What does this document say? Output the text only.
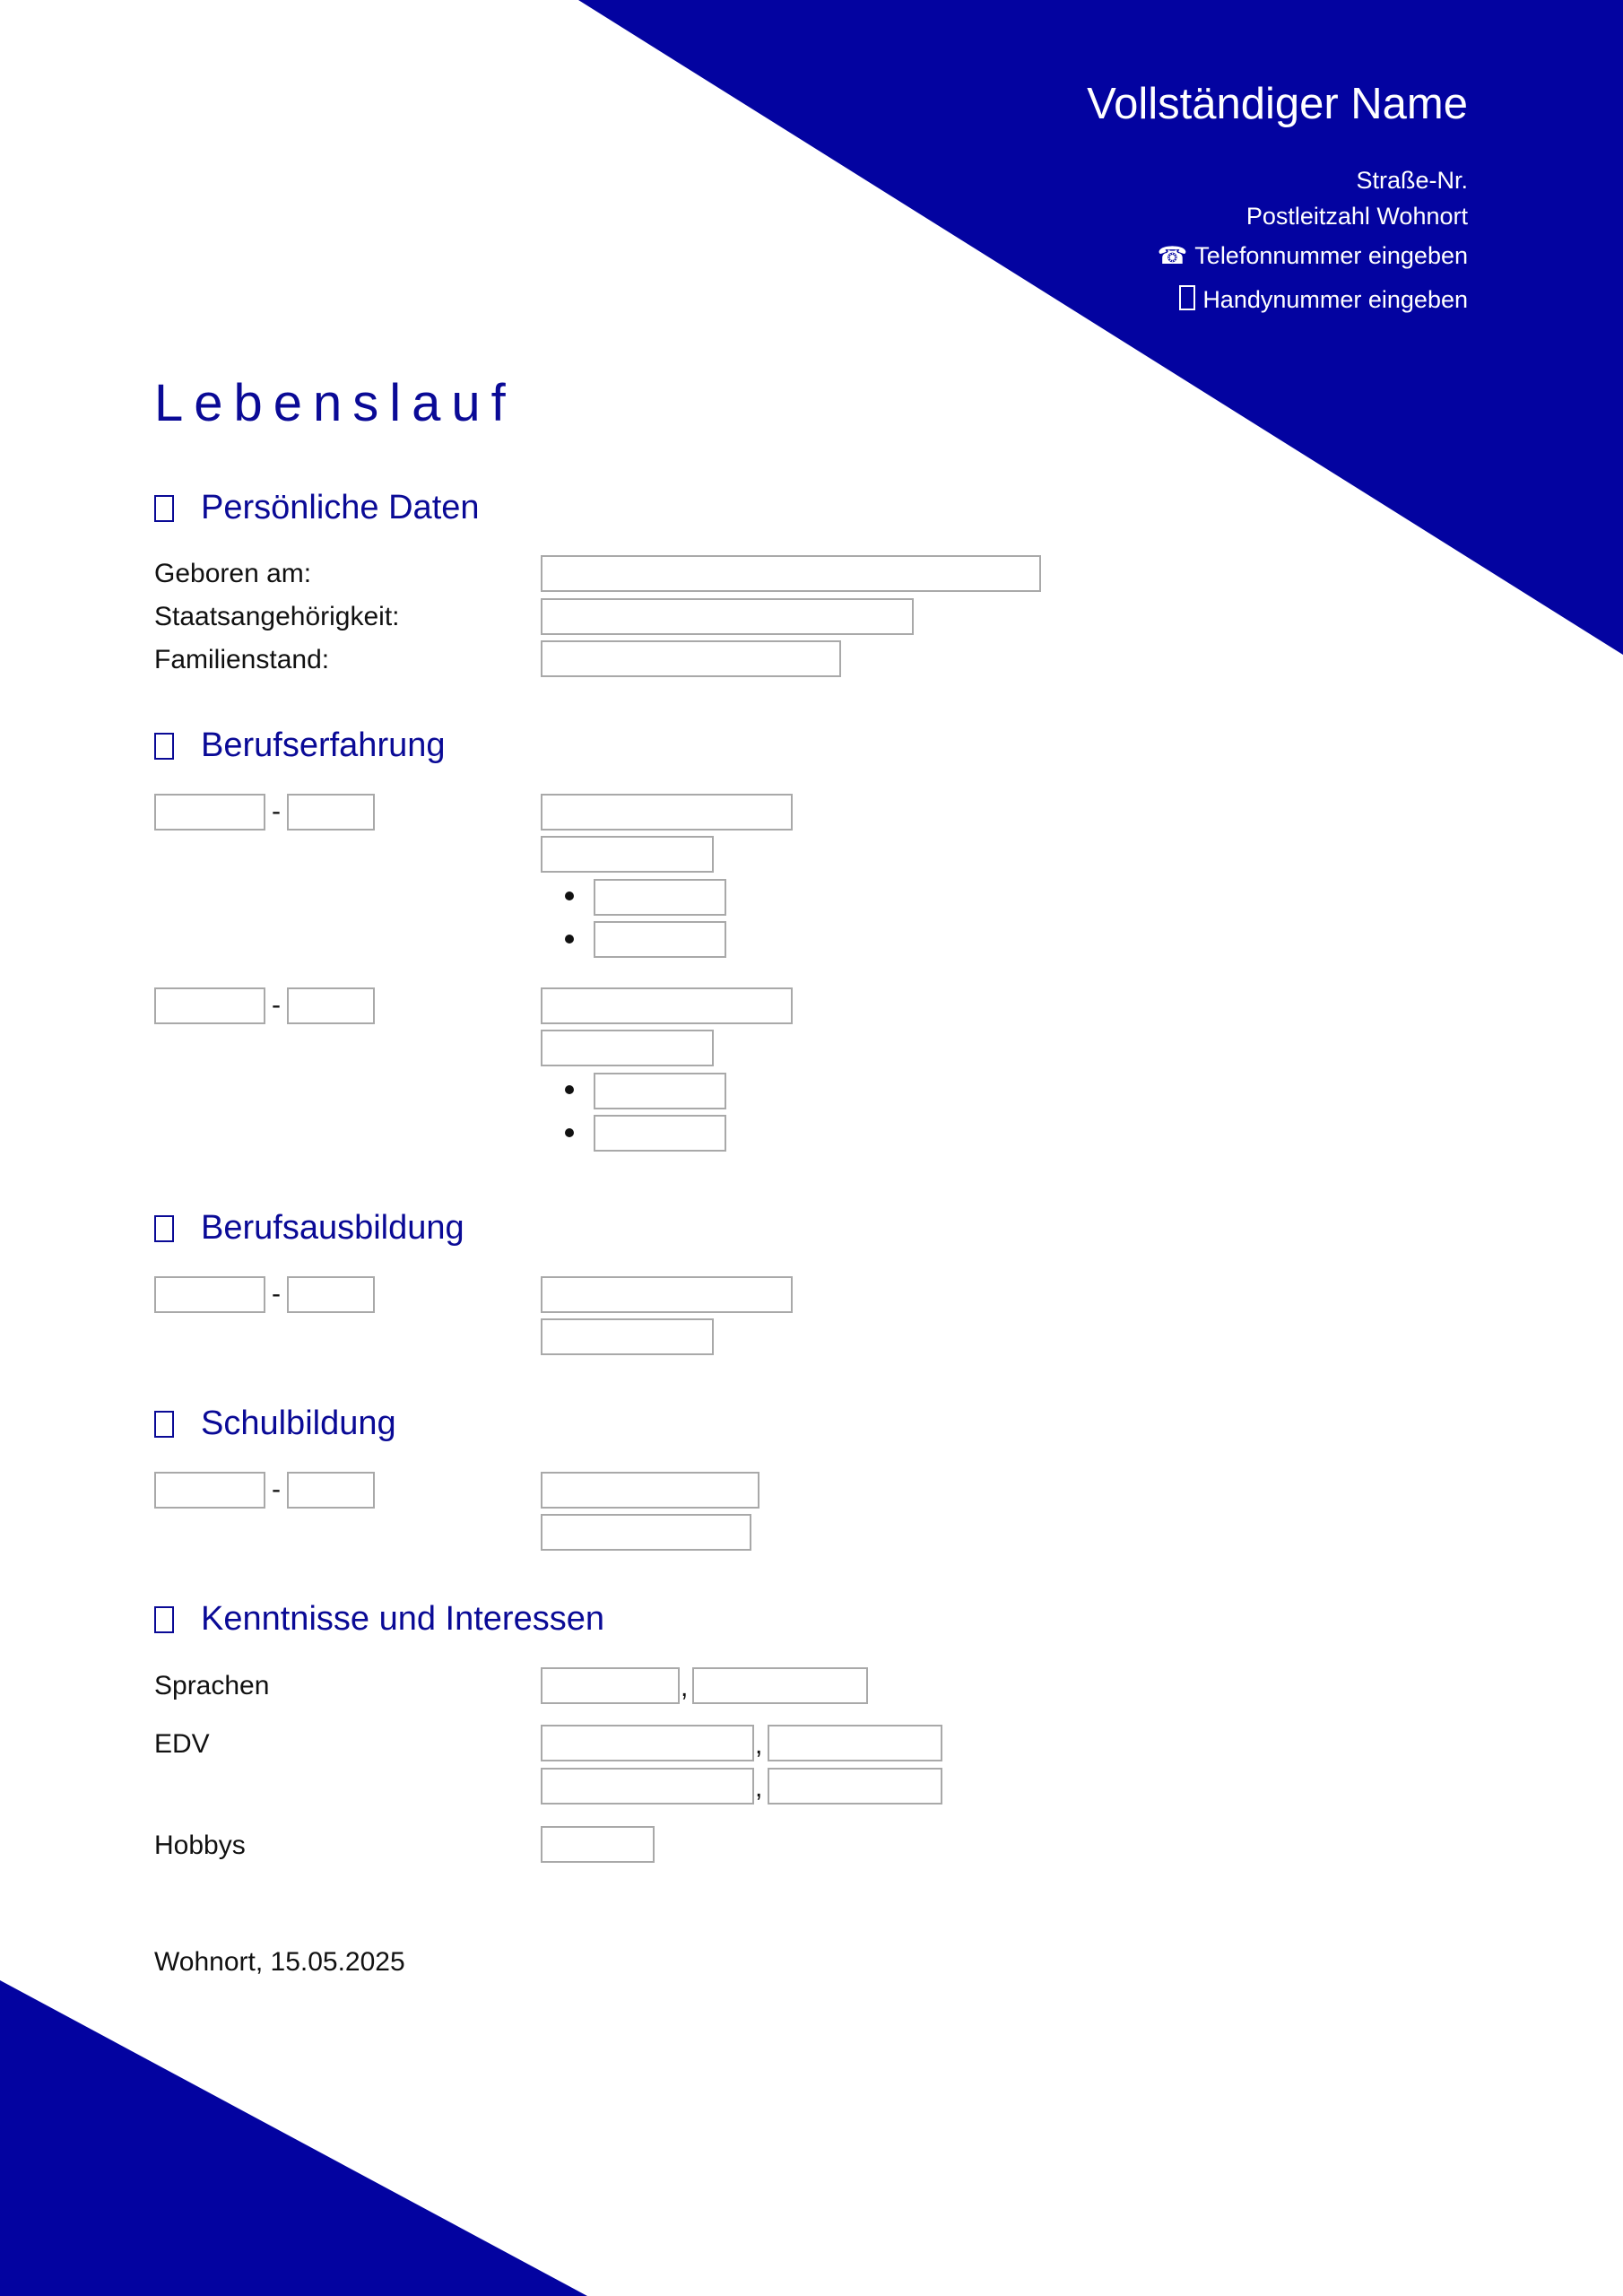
Vollständiger Name
Straße-Nr.
Postleitzahl Wohnort
☎ Telefonnummer eingeben
Handynummer eingeben
Lebenslauf
Persönliche Daten
Geboren am:
Staatsangehörigkeit:
Familienstand:
Berufserfahrung
-
-
Berufsausbildung
-
Schulbildung
-
Kenntnisse und Interessen
Sprachen	,
EDV	,
,
Hobbys
Wohnort, 15.05.2025
